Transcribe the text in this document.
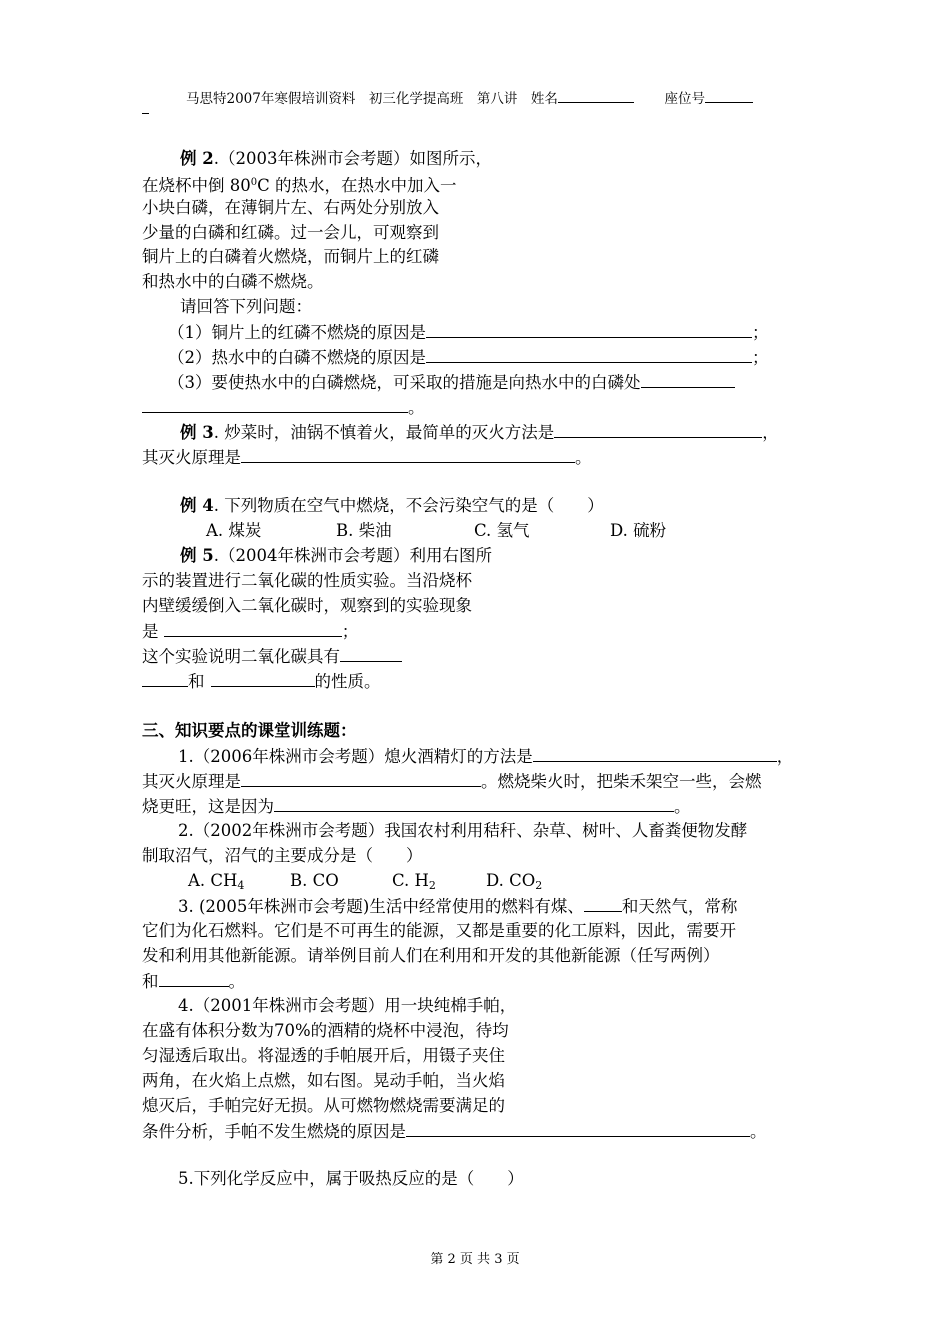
马思特2007年寒假培训资料　初三化学提高班　第八讲　姓名	座位号
例 2.（2003年株洲市会考题）如图所示，
在烧杯中倒 $80^0C$ 的热水，在热水中加入一
小块白磷，在薄铜片左、右两处分别放入
少量的白磷和红磷。过一会儿，可观察到
铜片上的白磷着火燃烧，而铜片上的红磷
和热水中的白磷不燃烧。
请回答下列问题：
（1）铜片上的红磷不燃烧的原因是	；
（2）热水中的白磷不燃烧的原因是	；
（3）要使热水中的白磷燃烧，可采取的措施是向热水中的白磷处
。
例 3. 炒菜时，油锅不慎着火，最简单的灭火方法是	，
其灭火原理是	。
例 4. 下列物质在空气中燃烧，不会污染空气的是（　　）
A. 煤炭	B. 柴油	C. 氢气	D. 硫粉
例 5.（2004年株洲市会考题）利用右图所
示的装置进行二氧化碳的性质实验。当沿烧杯
内壁缓缓倒入二氧化碳时，观察到的实验现象
是	；
这个实验说明二氧化碳具有
和	的性质。
三、知识要点的课堂训练题：
1.（2006年株洲市会考题）熄火酒精灯的方法是	，
其灭火原理是	。燃烧柴火时，把柴禾架空一些，会燃
烧更旺，这是因为	。
2.（2002年株洲市会考题）我国农村利用秸秆、杂草、树叶、人畜粪便物发酵
制取沼气，沼气的主要成分是（　　）
A. $CH_4$	B. CO	C. $H_2$	D. $CO_2$
3. (2005年株洲市会考题)生活中经常使用的燃料有煤、 和天然气，常称
它们为化石燃料。它们是不可再生的能源，又都是重要的化工原料，因此，需要开
发和利用其他新能源。请举例目前人们在利用和开发的其他新能源（任写两例）
和	。
4.（2001年株洲市会考题）用一块纯棉手帕，
在盛有体积分数为70%的酒精的烧杯中浸泡，待均
匀湿透后取出。将湿透的手帕展开后，用镊子夹住
两角，在火焰上点燃，如右图。晃动手帕，当火焰
熄灭后，手帕完好无损。从可燃物燃烧需要满足的
条件分析，手帕不发生燃烧的原因是	。
5.下列化学反应中，属于吸热反应的是（　　）
第 2 页 共 3 页
